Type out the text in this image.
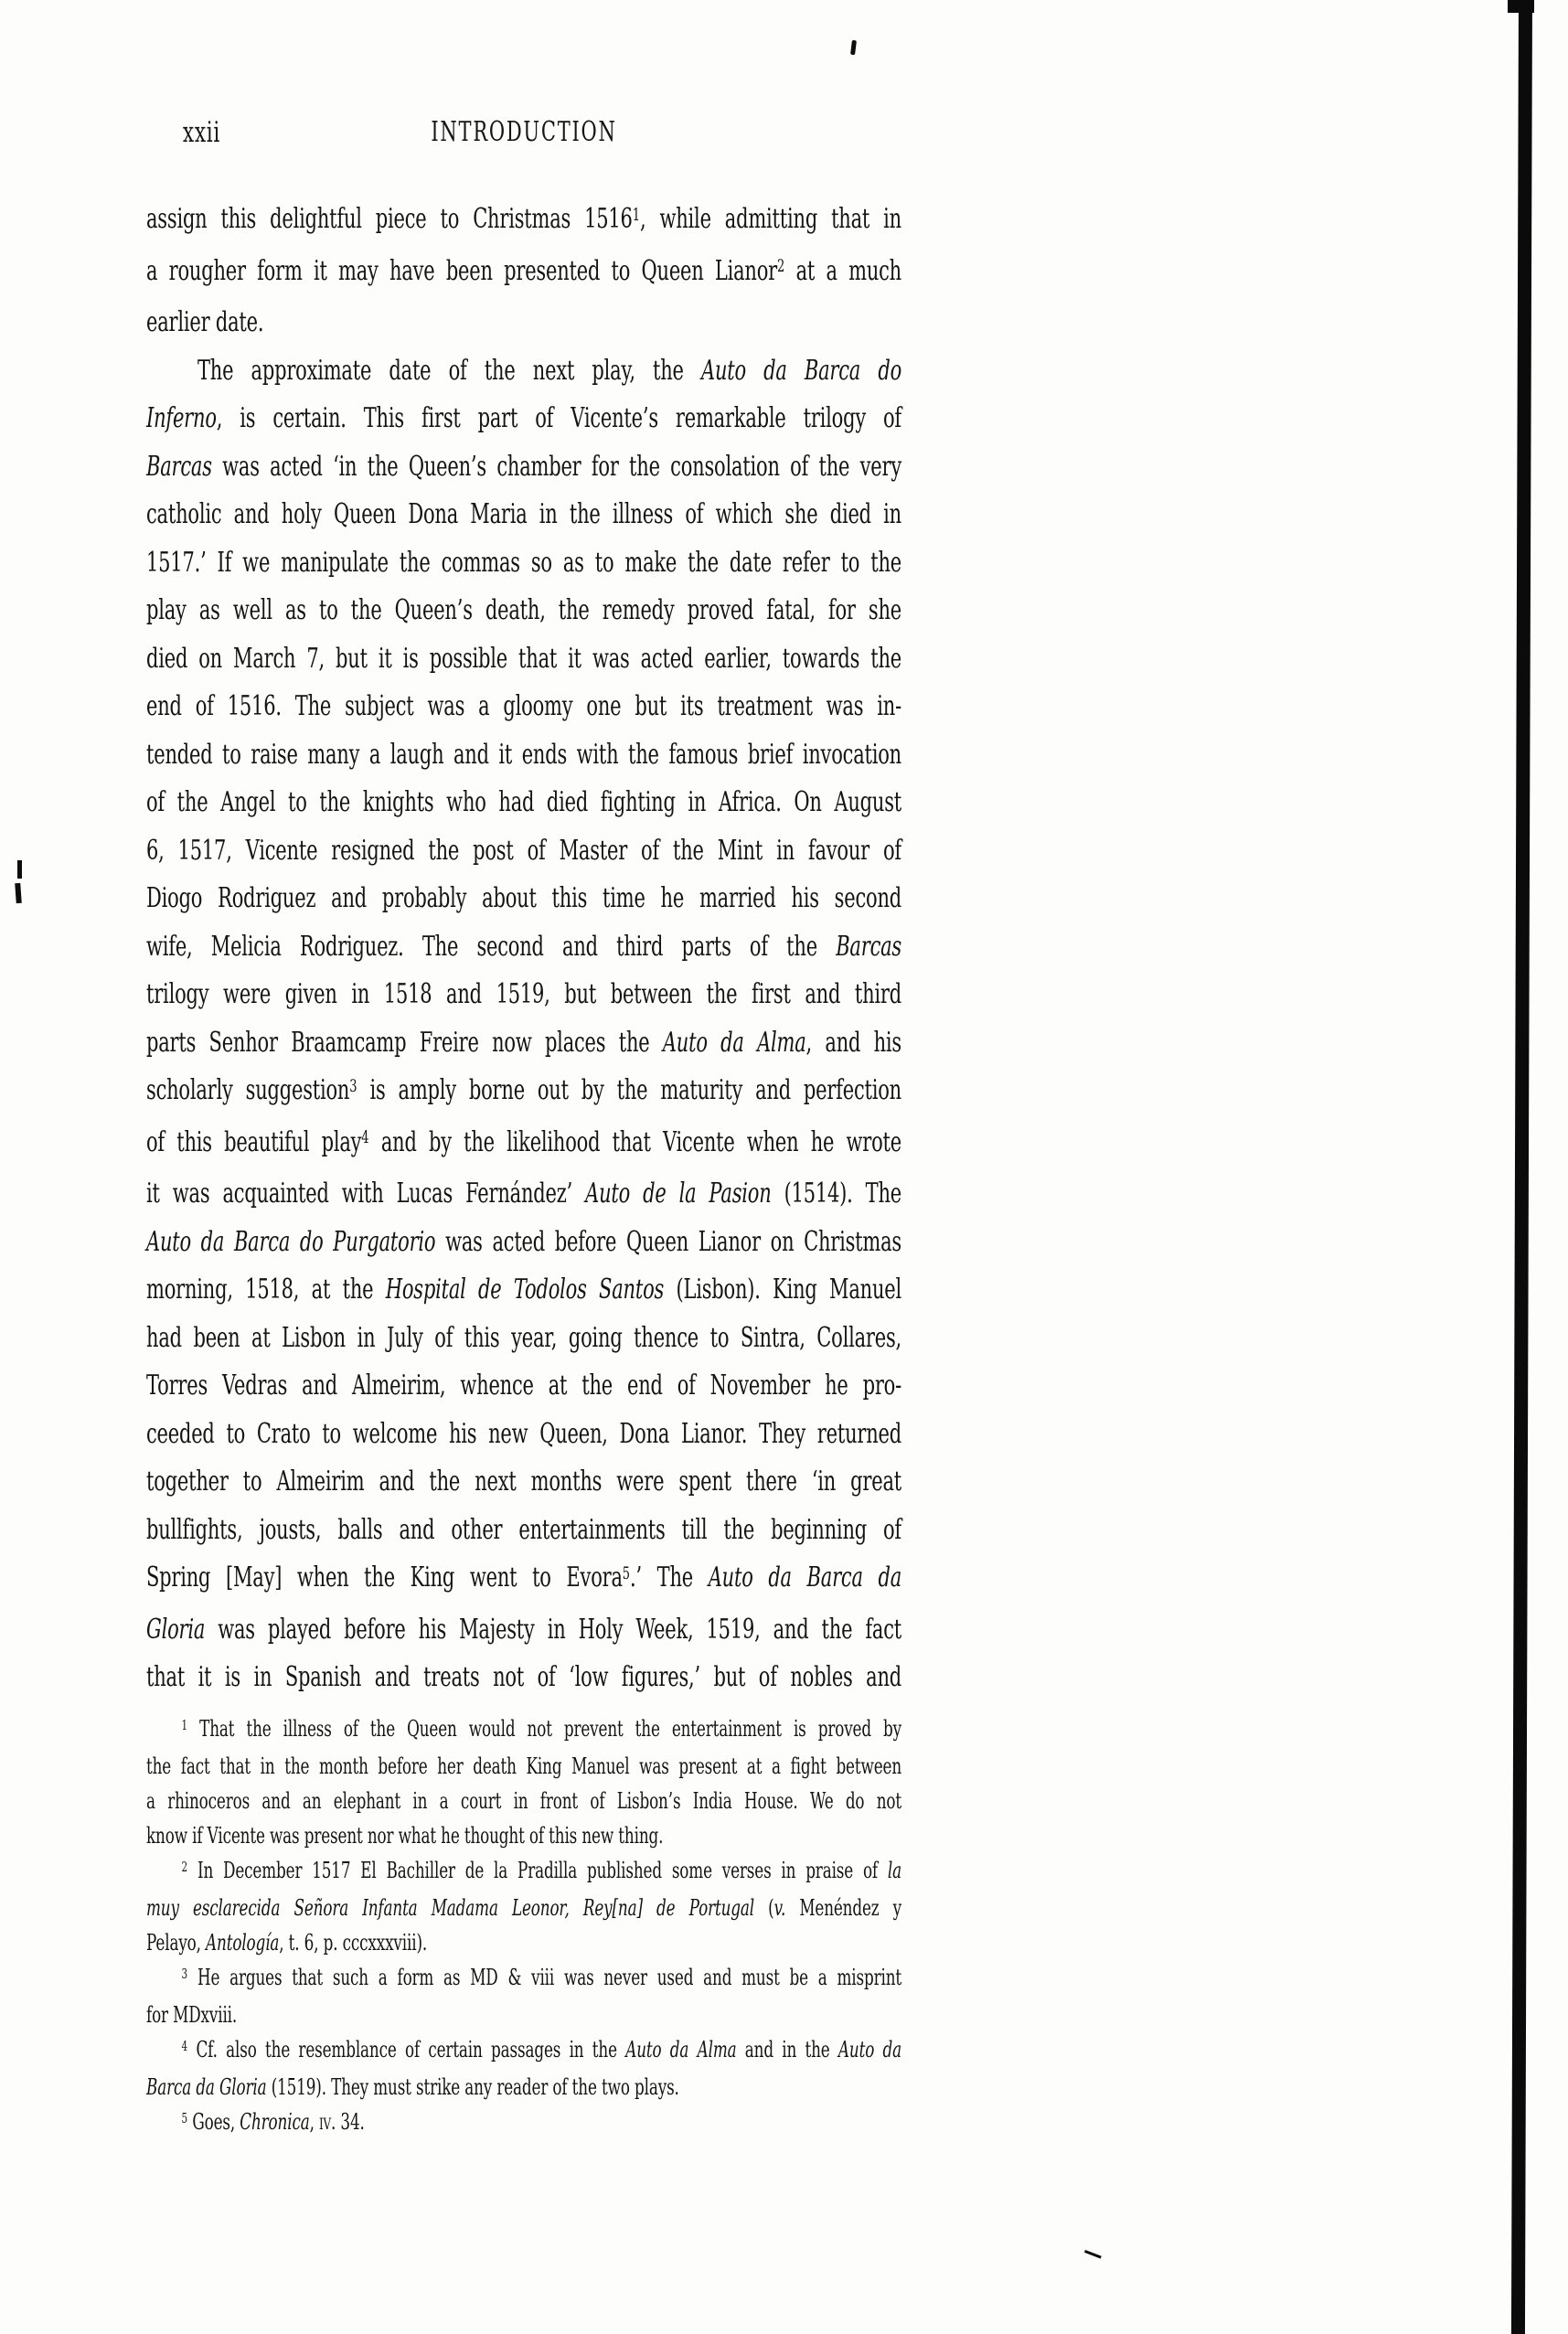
xxii	INTRODUCTION
assign this delightful piece to Christmas 1516$^1$, while admitting that in
a rougher form it may have been presented to Queen Lianor$^2$ at a much
earlier date.
The approximate date of the next play, the Auto da Barca do
Inferno, is certain. This first part of Vicente’s remarkable trilogy of
Barcas was acted ‘in the Queen’s chamber for the consolation of the very
catholic and holy Queen Dona Maria in the illness of which she died in
1517.’ If we manipulate the commas so as to make the date refer to the
play as well as to the Queen’s death, the remedy proved fatal, for she
died on March 7, but it is possible that it was acted earlier, towards the
end of 1516. The subject was a gloomy one but its treatment was in-
tended to raise many a laugh and it ends with the famous brief invocation
of the Angel to the knights who had died fighting in Africa. On August
6, 1517, Vicente resigned the post of Master of the Mint in favour of
Diogo Rodriguez and probably about this time he married his second
wife, Melicia Rodriguez. The second and third parts of the Barcas
trilogy were given in 1518 and 1519, but between the first and third
parts Senhor Braamcamp Freire now places the Auto da Alma, and his
scholarly suggestion$^3$ is amply borne out by the maturity and perfection
of this beautiful play$^4$ and by the likelihood that Vicente when he wrote
it was acquainted with Lucas Fernández’ Auto de la Pasion (1514). The
Auto da Barca do Purgatorio was acted before Queen Lianor on Christmas
morning, 1518, at the Hospital de Todolos Santos (Lisbon). King Manuel
had been at Lisbon in July of this year, going thence to Sintra, Collares,
Torres Vedras and Almeirim, whence at the end of November he pro-
ceeded to Crato to welcome his new Queen, Dona Lianor. They returned
together to Almeirim and the next months were spent there ‘in great
bullfights, jousts, balls and other entertainments till the beginning of
Spring [May] when the King went to Evora$^5$.’ The Auto da Barca da
Gloria was played before his Majesty in Holy Week, 1519, and the fact
that it is in Spanish and treats not of ‘low figures,’ but of nobles and
$^1$ That the illness of the Queen would not prevent the entertainment is proved by
the fact that in the month before her death King Manuel was present at a fight between
a rhinoceros and an elephant in a court in front of Lisbon’s India House. We do not
know if Vicente was present nor what he thought of this new thing.
$^2$ In December 1517 El Bachiller de la Pradilla published some verses in praise of la
muy esclarecida Señora Infanta Madama Leonor, Rey[na] de Portugal (v. Menéndez y
Pelayo, Antología, t. 6, p. cccxxxviii).
$^3$ He argues that such a form as MD & viii was never used and must be a misprint
for MDxviii.
$^4$ Cf. also the resemblance of certain passages in the Auto da Alma and in the Auto da
Barca da Gloria (1519). They must strike any reader of the two plays.
$^5$ Goes, Chronica, iv. 34.
